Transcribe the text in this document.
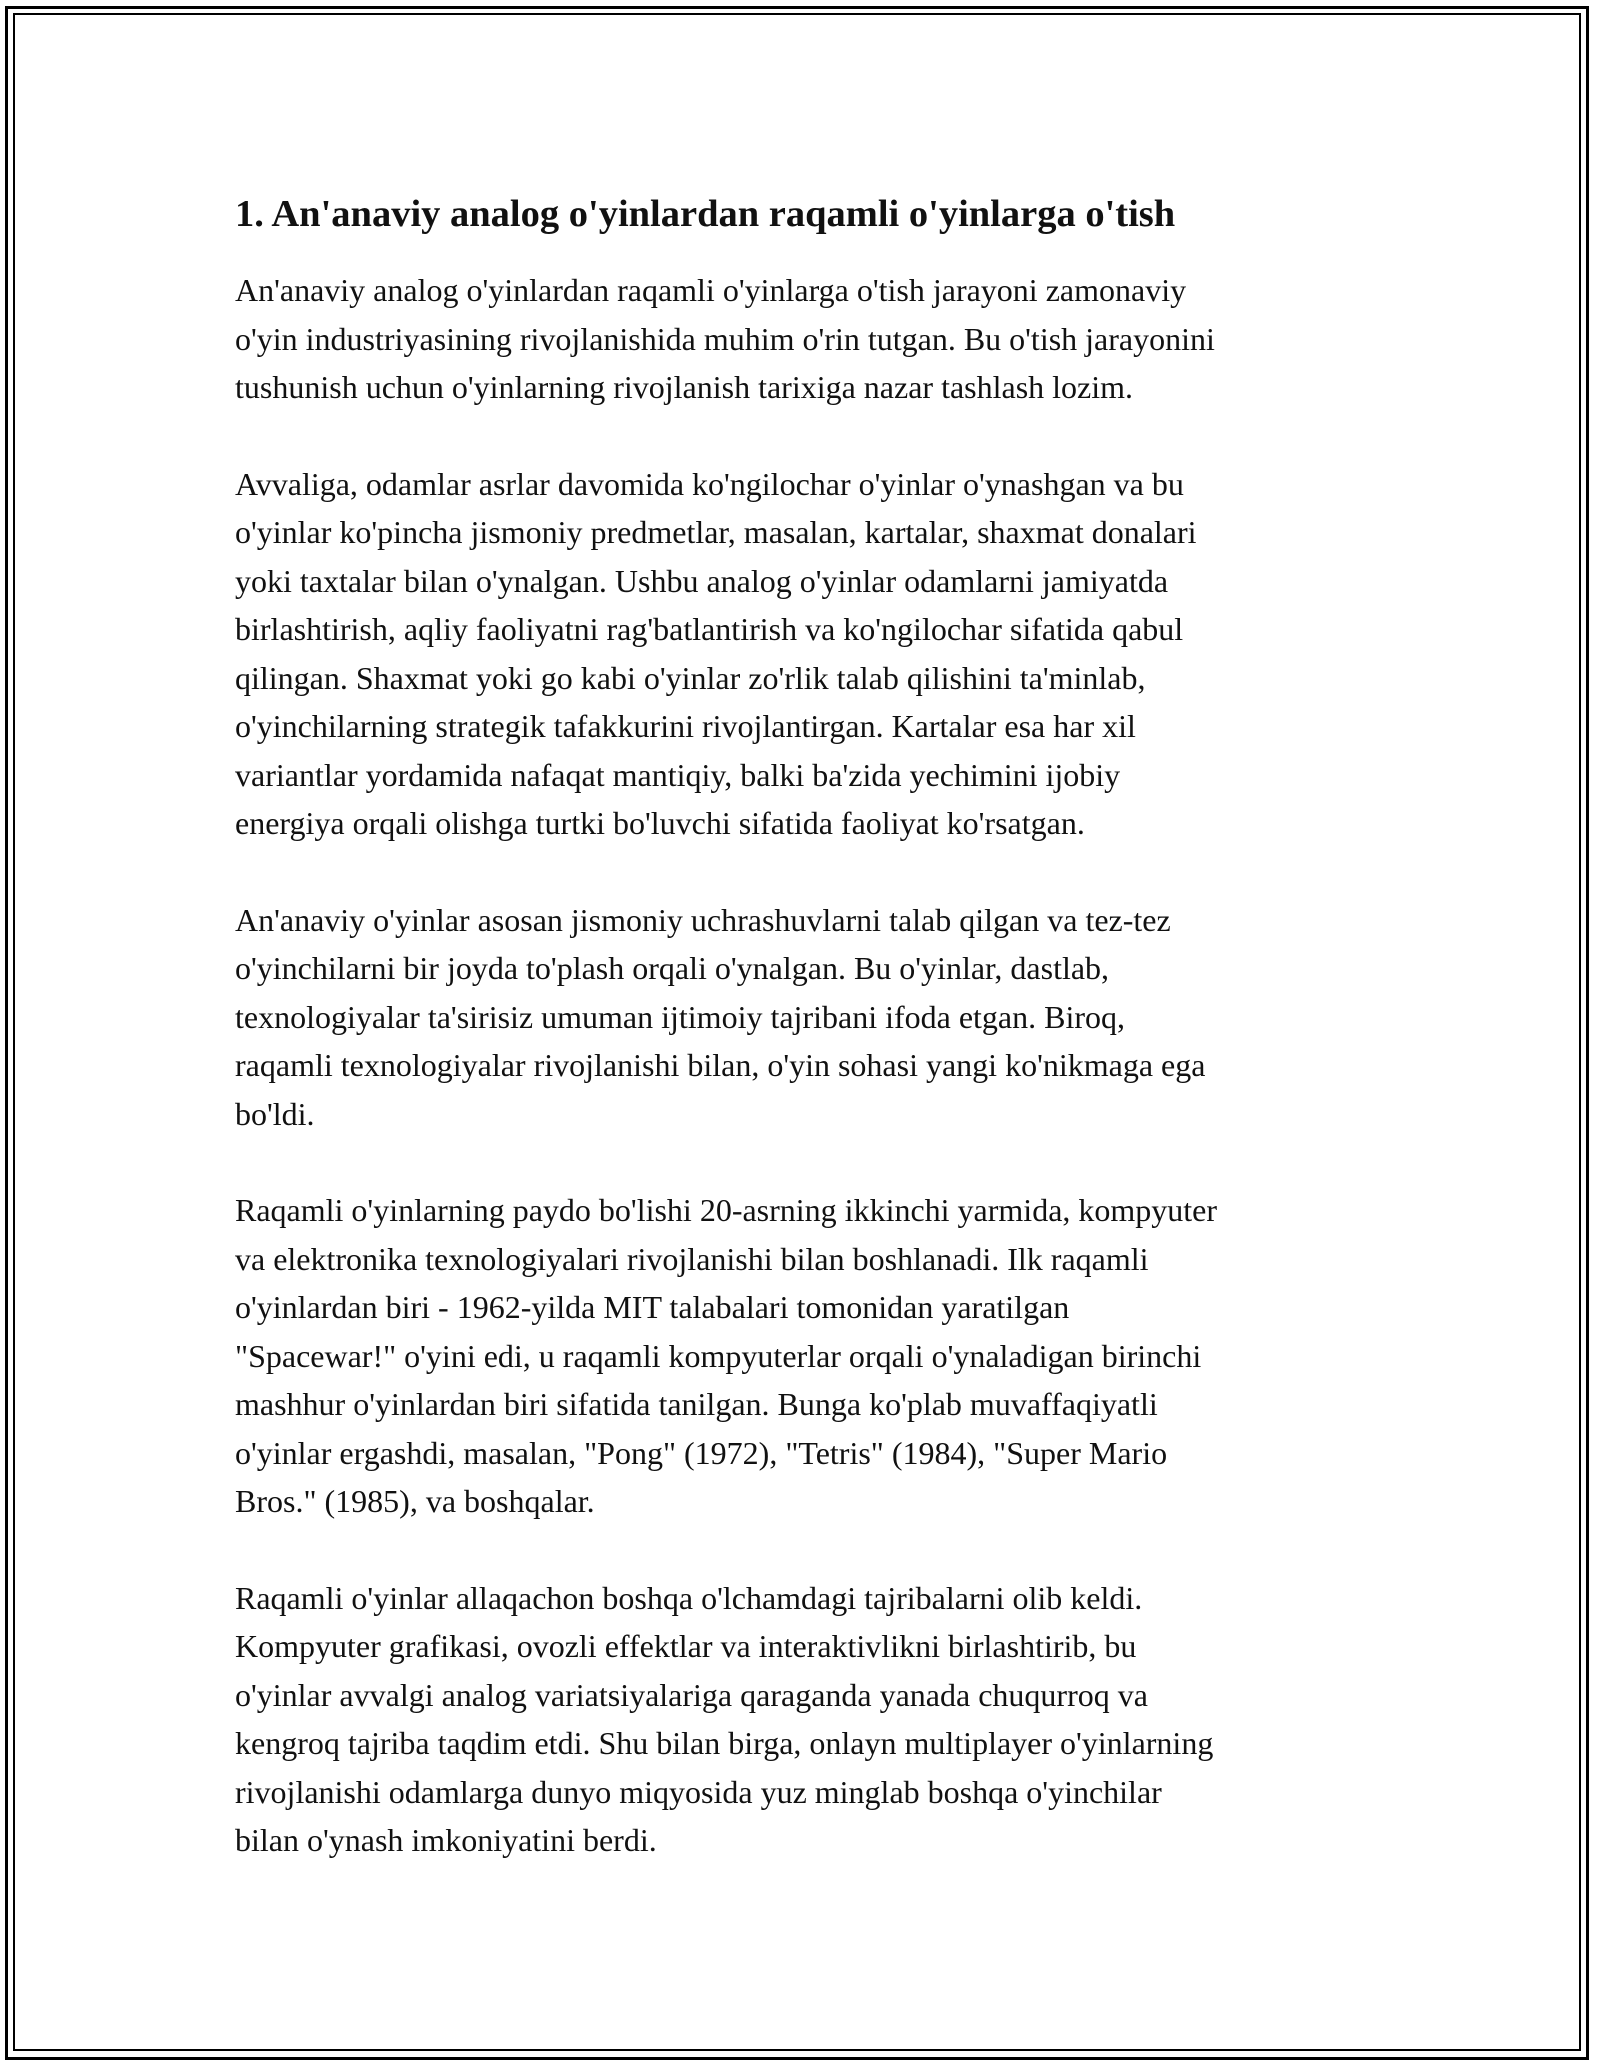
1. An'anaviy analog o'yinlardan raqamli o'yinlarga o'tish

An'anaviy analog o'yinlardan raqamli o'yinlarga o'tish jarayoni zamonaviy
o'yin industriyasining rivojlanishida muhim o'rin tutgan. Bu o'tish jarayonini
tushunish uchun o'yinlarning rivojlanish tarixiga nazar tashlash lozim.

Avvaliga, odamlar asrlar davomida ko'ngilochar o'yinlar o'ynashgan va bu
o'yinlar ko'pincha jismoniy predmetlar, masalan, kartalar, shaxmat donalari
yoki taxtalar bilan o'ynalgan. Ushbu analog o'yinlar odamlarni jamiyatda
birlashtirish, aqliy faoliyatni rag'batlantirish va ko'ngilochar sifatida qabul
qilingan. Shaxmat yoki go kabi o'yinlar zo'rlik talab qilishini ta'minlab,
o'yinchilarning strategik tafakkurini rivojlantirgan. Kartalar esa har xil
variantlar yordamida nafaqat mantiqiy, balki ba'zida yechimini ijobiy
energiya orqali olishga turtki bo'luvchi sifatida faoliyat ko'rsatgan.

An'anaviy o'yinlar asosan jismoniy uchrashuvlarni talab qilgan va tez-tez
o'yinchilarni bir joyda to'plash orqali o'ynalgan. Bu o'yinlar, dastlab,
texnologiyalar ta'sirisiz umuman ijtimoiy tajribani ifoda etgan. Biroq,
raqamli texnologiyalar rivojlanishi bilan, o'yin sohasi yangi ko'nikmaga ega
bo'ldi.

Raqamli o'yinlarning paydo bo'lishi 20-asrning ikkinchi yarmida, kompyuter
va elektronika texnologiyalari rivojlanishi bilan boshlanadi. Ilk raqamli
o'yinlardan biri - 1962-yilda MIT talabalari tomonidan yaratilgan
"Spacewar!" o'yini edi, u raqamli kompyuterlar orqali o'ynaladigan birinchi
mashhur o'yinlardan biri sifatida tanilgan. Bunga ko'plab muvaffaqiyatli
o'yinlar ergashdi, masalan, "Pong" (1972), "Tetris" (1984), "Super Mario
Bros." (1985), va boshqalar.

Raqamli o'yinlar allaqachon boshqa o'lchamdagi tajribalarni olib keldi.
Kompyuter grafikasi, ovozli effektlar va interaktivlikni birlashtirib, bu
o'yinlar avvalgi analog variatsiyalariga qaraganda yanada chuqurroq va
kengroq tajriba taqdim etdi. Shu bilan birga, onlayn multiplayer o'yinlarning
rivojlanishi odamlarga dunyo miqyosida yuz minglab boshqa o'yinchilar
bilan o'ynash imkoniyatini berdi.
